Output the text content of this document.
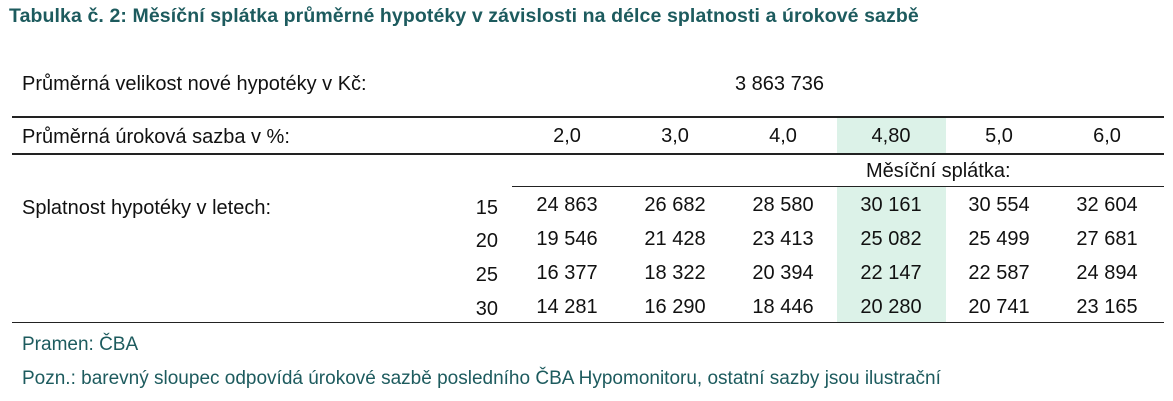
Tabulka č. 2: Měsíční splátka průměrné hypotéky v závislosti na délce splatnosti a úrokové sazbě
Průměrná velikost nové hypotéky v Kč:	3 863 736
Průměrná úroková sazba v %:	2,0	3,0	4,0	4,80	5,0	6,0
Měsíční splátka:
Splatnost hypotéky v letech:	15	24 863	26 682	28 580	30 161	30 554	32 604
20	19 546	21 428	23 413	25 082	25 499	27 681
25	16 377	18 322	20 394	22 147	22 587	24 894
30	14 281	16 290	18 446	20 280	20 741	23 165
Pramen: ČBA
Pozn.: barevný sloupec odpovídá úrokové sazbě posledního ČBA Hypomonitoru, ostatní sazby jsou ilustrační
